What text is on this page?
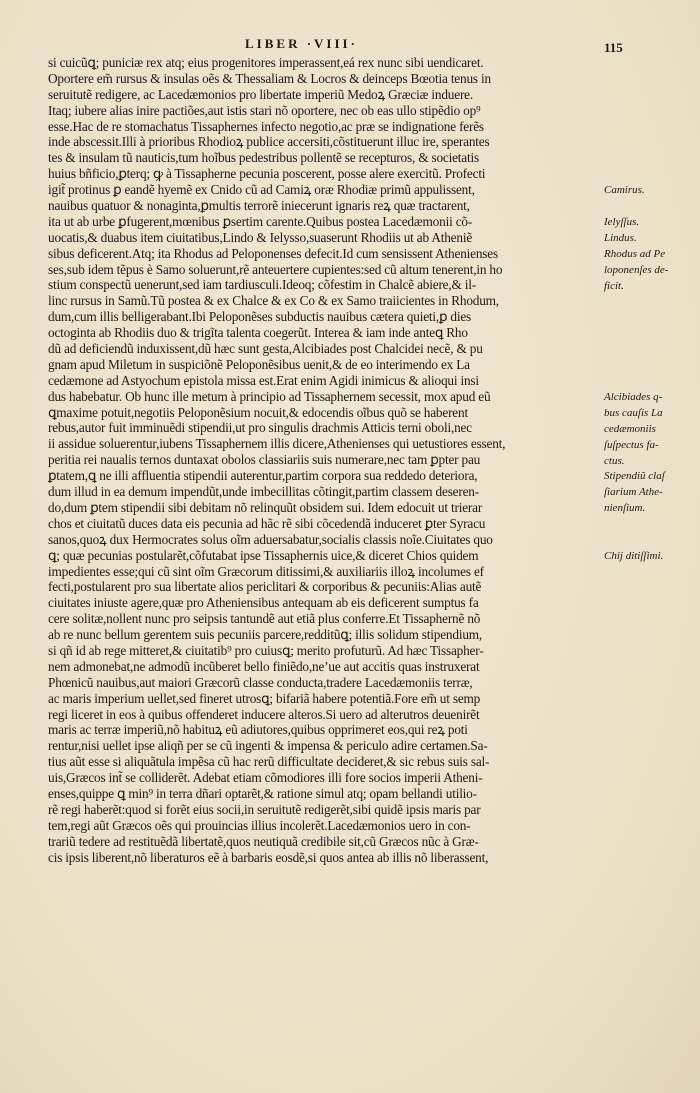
LIBER ·VIII·	115
si cuicũꝗ; puniciæ rex atq; eius progenitores imperassent,eá rex nunc sibi uendicaret.
Oportere em̃ rursus & insulas oẽs & Thessaliam & Locros & deinceps Bœotia tenus in
seruitutẽ redigere, ac Lacedæmonios pro libertate imperiũ Medoꝝ Græciæ induere.
Itaq; iubere alias inire pactiões,aut istis stari nõ oportere, nec ob eas ullo stipẽdio op⁹
esse.Hac de re stomachatus Tissaphernes infecto negotio,ac præ se indignatione ferẽs
inde abscessit.Illi à prioribus Rhodioꝝ publice accersiti,cõstituerunt illuc ire, sperantes
tes & insulam tũ nauticis,tum hoĩbus pedestribus pollentẽ se recepturos, & societatis
huius bñficio,ꝑterq; ꝙ à Tissapherne pecunia poscerent, posse alere exercitũ. Profecti
igit̃ protinus ꝑ eandẽ hyemẽ ex Cnido cũ ad Camiꝝ oræ Rhodiæ primũ appulissent,
nauibus quatuor & nonaginta,ꝑmultis terrorẽ iniecerunt ignaris reꝝ quæ tractarent,
ita ut ab urbe ꝑfugerent,mœnibus ꝑsertim carente.Quibus postea Lacedæmonii cõ-
uocatis,& duabus item ciuitatibus,Lindo & Ielysso,suaserunt Rhodiis ut ab Atheniẽ
sibus deficerent.Atq; ita Rhodus ad Peloponenses defecit.Id cum sensissent Athenienses
ses,sub idem tẽpus è Samo soluerunt,rẽ anteuertere cupientes:sed cũ altum tenerent,in ho
stium conspectũ uenerunt,sed iam tardiusculi.Ideoq; cõfestim in Chalcẽ abiere,& il-
linc rursus in Samũ.Tũ postea & ex Chalce & ex Co & ex Samo traiicientes in Rhodum,
dum,cum illis belligerabant.Ibi Peloponẽses subductis nauibus cætera quieti,ꝑ dies
octoginta ab Rhodiis duo & trigĩta talenta coegerũt. Interea & iam inde anteꝗ Rho
dũ ad deficiendũ induxissent,dũ hæc sunt gesta,Alcibiades post Chalcidei necẽ, & pu
gnam apud Miletum in suspiciõnẽ Peloponẽsibus uenit,& de eo interimendo ex La
cedæmone ad Astyochum epistola missa est.Erat enim Agidi inimicus & alioqui insi
dus habebatur. Ob hunc ille metum à principio ad Tissaphernem secessit, mox apud eũ
ꝗmaxime potuit,negotiis Peloponẽsium nocuit,& edocendis oĩbus quõ se haberent
rebus,autor fuit imminuẽdi stipendii,ut pro singulis drachmis Atticis terni oboli,nec
ii assidue soluerentur,iubens Tissaphernem illis dicere,Athenienses qui uetustiores essent,
peritia rei naualis ternos duntaxat obolos classiariis suis numerare,nec tam ꝑpter pau
ꝑtatem,ꝗ ne illi affluentia stipendii auterentur,partim corpora sua reddedo deteriora,
dum illud in ea demum impendũt,unde imbecillitas cõtingit,partim classem deseren-
do,dum ꝑtem stipendii sibi debitam nõ relinquũt obsidem sui. Idem edocuit ut trierar
chos et ciuitatũ duces data eis pecunia ad hãc rẽ sibi cõcedendã induceret ꝑter Syracu
sanos,quoꝝ dux Hermocrates solus oĩm aduersabatur,socialis classis noĩe.Ciuitates quo
ꝗ; quæ pecunias postularẽt,cõfutabat ipse Tissaphernis uice,& diceret Chios quidem
impedientes esse;qui cũ sint oĩm Græcorum ditissimi,& auxiliariis illoꝝ incolumes ef
fecti,postularent pro sua libertate alios periclitari & corporibus & pecuniis:Alias autẽ
ciuitates iniuste agere,quæ pro Atheniensibus antequam ab eis deficerent sumptus fa
cere solitæ,nollent nunc pro seipsis tantundẽ aut etiã plus conferre.Et Tissaphernẽ nõ
ab re nunc bellum gerentem suis pecuniis parcere,redditũꝗ; illis solidum stipendium,
si qñ id ab rege mitteret,& ciuitatib⁹ pro cuiusꝗ; merito profuturũ. Ad hæc Tissapher-
nem admonebat,ne admodũ incũberet bello finiẽdo,ne’ue aut accitis quas instruxerat
Phœnicũ nauibus,aut maiori Græcorũ classe conducta,tradere Lacedæmoniis terræ,
ac maris imperium uellet,sed fineret utrosꝗ; bifariã habere potentiã.Fore em̃ ut semp
regi liceret in eos à quibus offenderet inducere alteros.Si uero ad alterutros deuenirẽt
maris ac terræ imperiũ,nõ habituꝝ eũ adiutores,quibus opprimeret eos,qui reꝝ poti
rentur,nisi uellet ipse aliqñ per se cũ ingenti & impensa & periculo adire certamen.Sa-
tius aũt esse si aliquãtula impẽsa cũ hac rerũ difficultate decideret,& sic rebus suis sal-
uis,Græcos int̃ se colliderẽt. Adebat etiam cõmodiores illi fore socios imperii Atheni-
enses,quippe ꝗ min⁹ in terra dñari optarẽt,& ratione simul atq; opam bellandi utilio-
rẽ regi haberẽt:quod si forẽt eius socii,in seruitutẽ redigerẽt,sibi quidẽ ipsis maris par
tem,regi aũt Græcos oẽs qui prouincias illius incolerẽt.Lacedæmonios uero in con-
trariũ tedere ad restituẽdã libertatẽ,quos neutiquã credibile sit,cũ Græcos nũc à Græ-
cis ipsis liberent,nõ liberaturos eẽ à barbaris eosdẽ,si quos antea ab illis nõ liberassent,
Camirus.
Ielyſſus.
Lindus.
Rhodus ad Pe
loponenſes de-
ficit.
Alcibiades q-
bus cauſis La
cedæmoniis
ſuſpectus fa-
ctus.
Stipendiũ claſ
ſiarium Athe-
nienſium.
Chij ditiſſimi.
